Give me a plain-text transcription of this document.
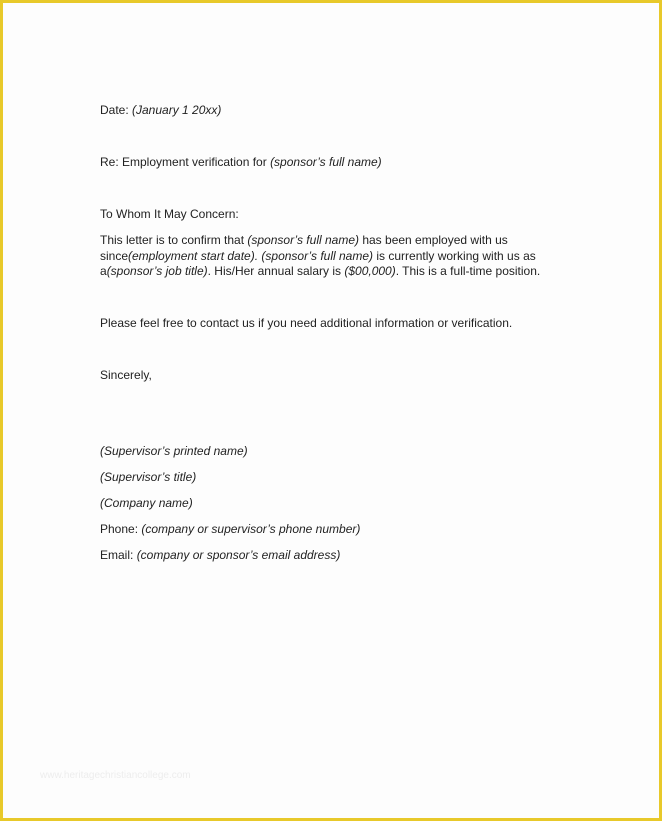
Date: (January 1 20xx)
Re: Employment verification for (sponsor’s full name)
To Whom It May Concern:
This letter is to confirm that (sponsor’s full name) has been employed with us
since(employment start date). (sponsor’s full name) is currently working with us as
a(sponsor’s job title). His/Her annual salary is ($00,000). This is a full-time position.
Please feel free to contact us if you need additional information or verification.
Sincerely,
(Supervisor’s printed name)
(Supervisor’s title)
(Company name)
Phone: (company or supervisor’s phone number)
Email: (company or sponsor’s email address)
www.heritagechristiancollege.com
